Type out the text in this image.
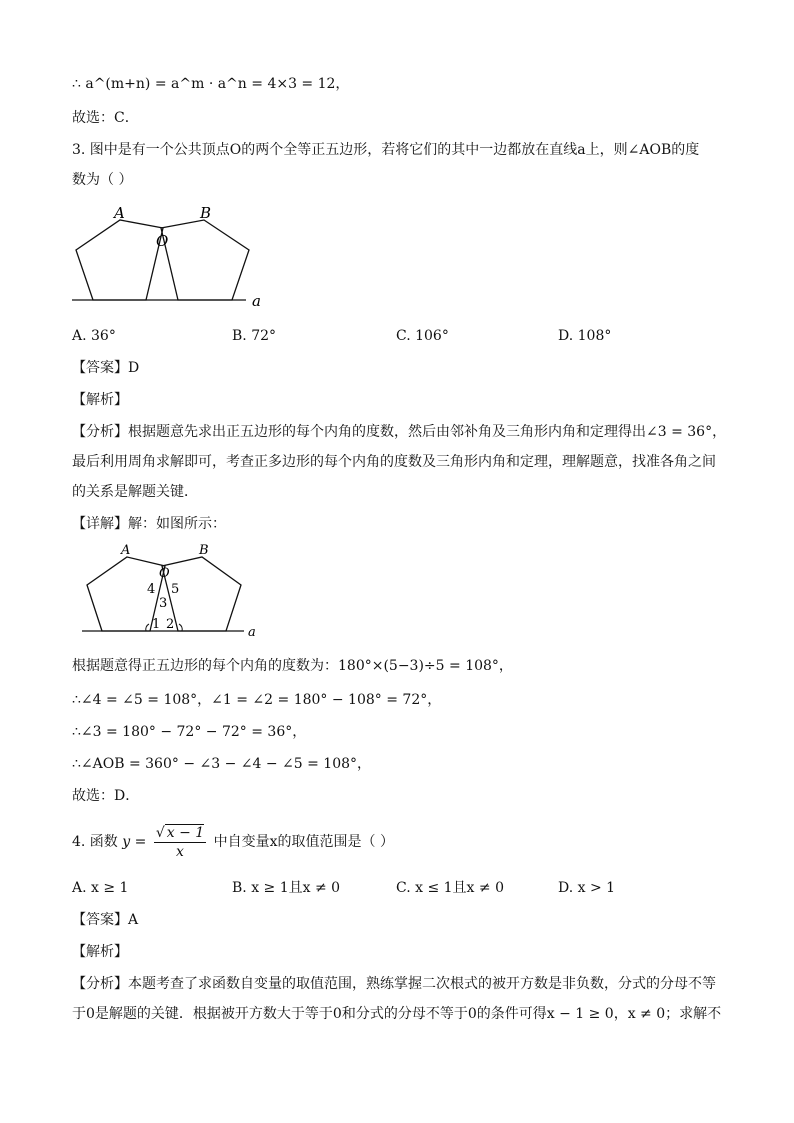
∴ a^(m+n) = a^m · a^n = 4×3 = 12，
故选：C．
3. 图中是有一个公共顶点O的两个全等正五边形，若将它们的其中一边都放在直线a上，则∠AOB的度
数为（ ）
A	B
O
a
A. 36°	B. 72°	C. 106°	D. 108°
【答案】D
【解析】
【分析】根据题意先求出正五边形的每个内角的度数，然后由邻补角及三角形内角和定理得出∠3 = 36°，
最后利用周角求解即可，考查正多边形的每个内角的度数及三角形内角和定理，理解题意，找准各角之间
的关系是解题关键．
【详解】解：如图所示：
A	B
O
4 5
3
1 2
a
根据题意得正五边形的每个内角的度数为：180°×(5−3)÷5 = 108°，
∴∠4 = ∠5 = 108°，∠1 = ∠2 = 180° − 108° = 72°，
∴∠3 = 180° − 72° − 72° = 36°，
∴∠AOB = 360° − ∠3 − ∠4 − ∠5 = 108°，
故选：D．
4. 函数 $y = \frac{√ x - 1}{x}$ 中自变量x的取值范围是（ ）
A. x ≥ 1	B. x ≥ 1且x ≠ 0	C. x ≤ 1且x ≠ 0	D. x > 1
【答案】A
【解析】
【分析】本题考查了求函数自变量的取值范围，熟练掌握二次根式的被开方数是非负数，分式的分母不等
于0是解题的关键．根据被开方数大于等于0和分式的分母不等于0的条件可得x − 1 ≥ 0，x ≠ 0；求解不
